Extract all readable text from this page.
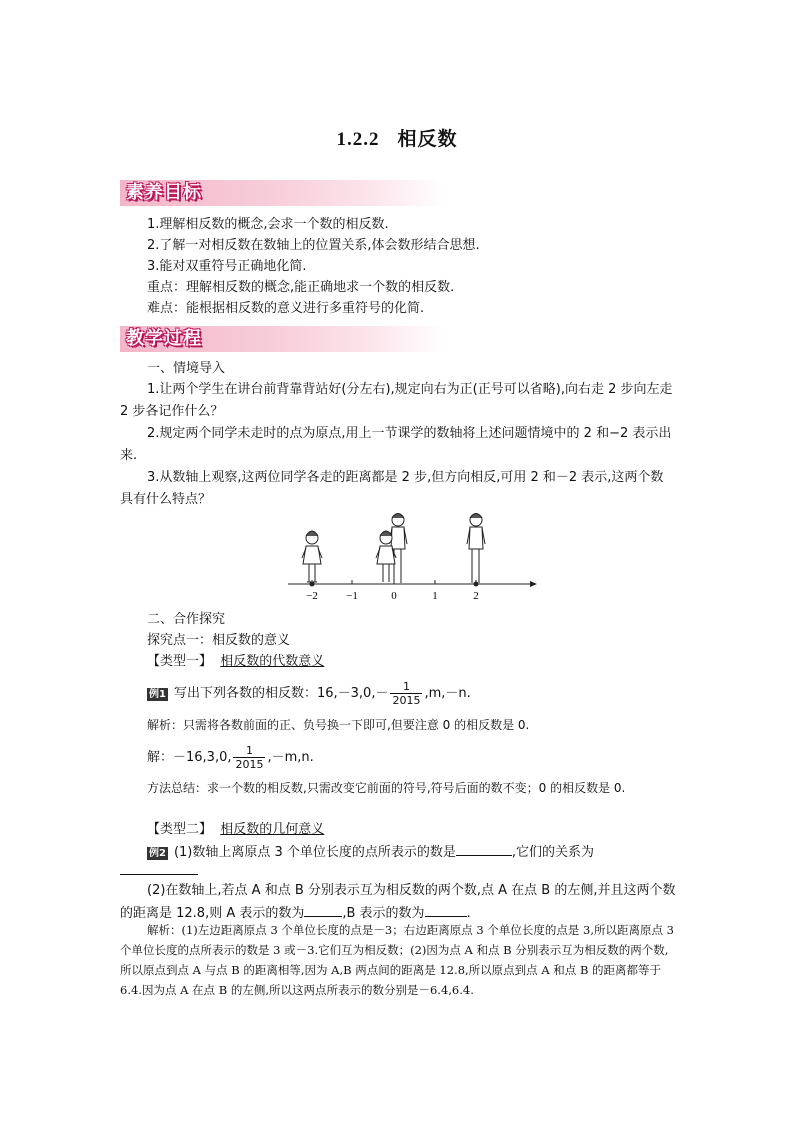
1.2.2 相反数
素养目标
1.理解相反数的概念,会求一个数的相反数.
2.了解一对相反数在数轴上的位置关系,体会数形结合思想.
3.能对双重符号正确地化简.
重点：理解相反数的概念,能正确地求一个数的相反数.
难点：能根据相反数的意义进行多重符号的化简.
教学过程
一、情境导入
1.让两个学生在讲台前背靠背站好(分左右),规定向右为正(正号可以省略),向右走 2 步向左走 2 步各记作什么？
2.规定两个同学未走时的点为原点,用上一节课学的数轴将上述问题情境中的 2 和−2 表示出来.
3.从数轴上观察,这两位同学各走的距离都是 2 步,但方向相反,可用 2 和－2 表示,这两个数具有什么特点？
−2	−1	0	1	2
二、合作探究
探究点一：相反数的意义
【类型一】 相反数的代数意义
例1 写出下列各数的相反数：$16,-3,0,- \frac{1}{2015} ,m,-n$.
解析：只需将各数前面的正、负号换一下即可,但要注意 0 的相反数是 0.
解：－16,3,0, $\frac{1}{2015} ,-m,n$.
方法总结：求一个数的相反数,只需改变它前面的符号,符号后面的数不变；0 的相反数是 0.
【类型二】 相反数的几何意义
例2 (1)数轴上离原点 3 个单位长度的点所表示的数是	,它们的关系为
(2)在数轴上,若点 A 和点 B 分别表示互为相反数的两个数,点 A 在点 B 的左侧,并且这两个数的距离是 12.8,则 A 表示的数为	,B 表示的数为	.
解析：(1)左边距离原点 3 个单位长度的点是－3；右边距离原点 3 个单位长度的点是 3,所以距离原点 3 个单位长度的点所表示的数是 3 或－3.它们互为相反数；(2)因为点 A 和点 B 分别表示互为相反数的两个数,所以原点到点 A 与点 B 的距离相等,因为 A,B 两点间的距离是 12.8,所以原点到点 A 和点 B 的距离都等于 6.4.因为点 A 在点 B 的左侧,所以这两点所表示的数分别是－6.4,6.4.
